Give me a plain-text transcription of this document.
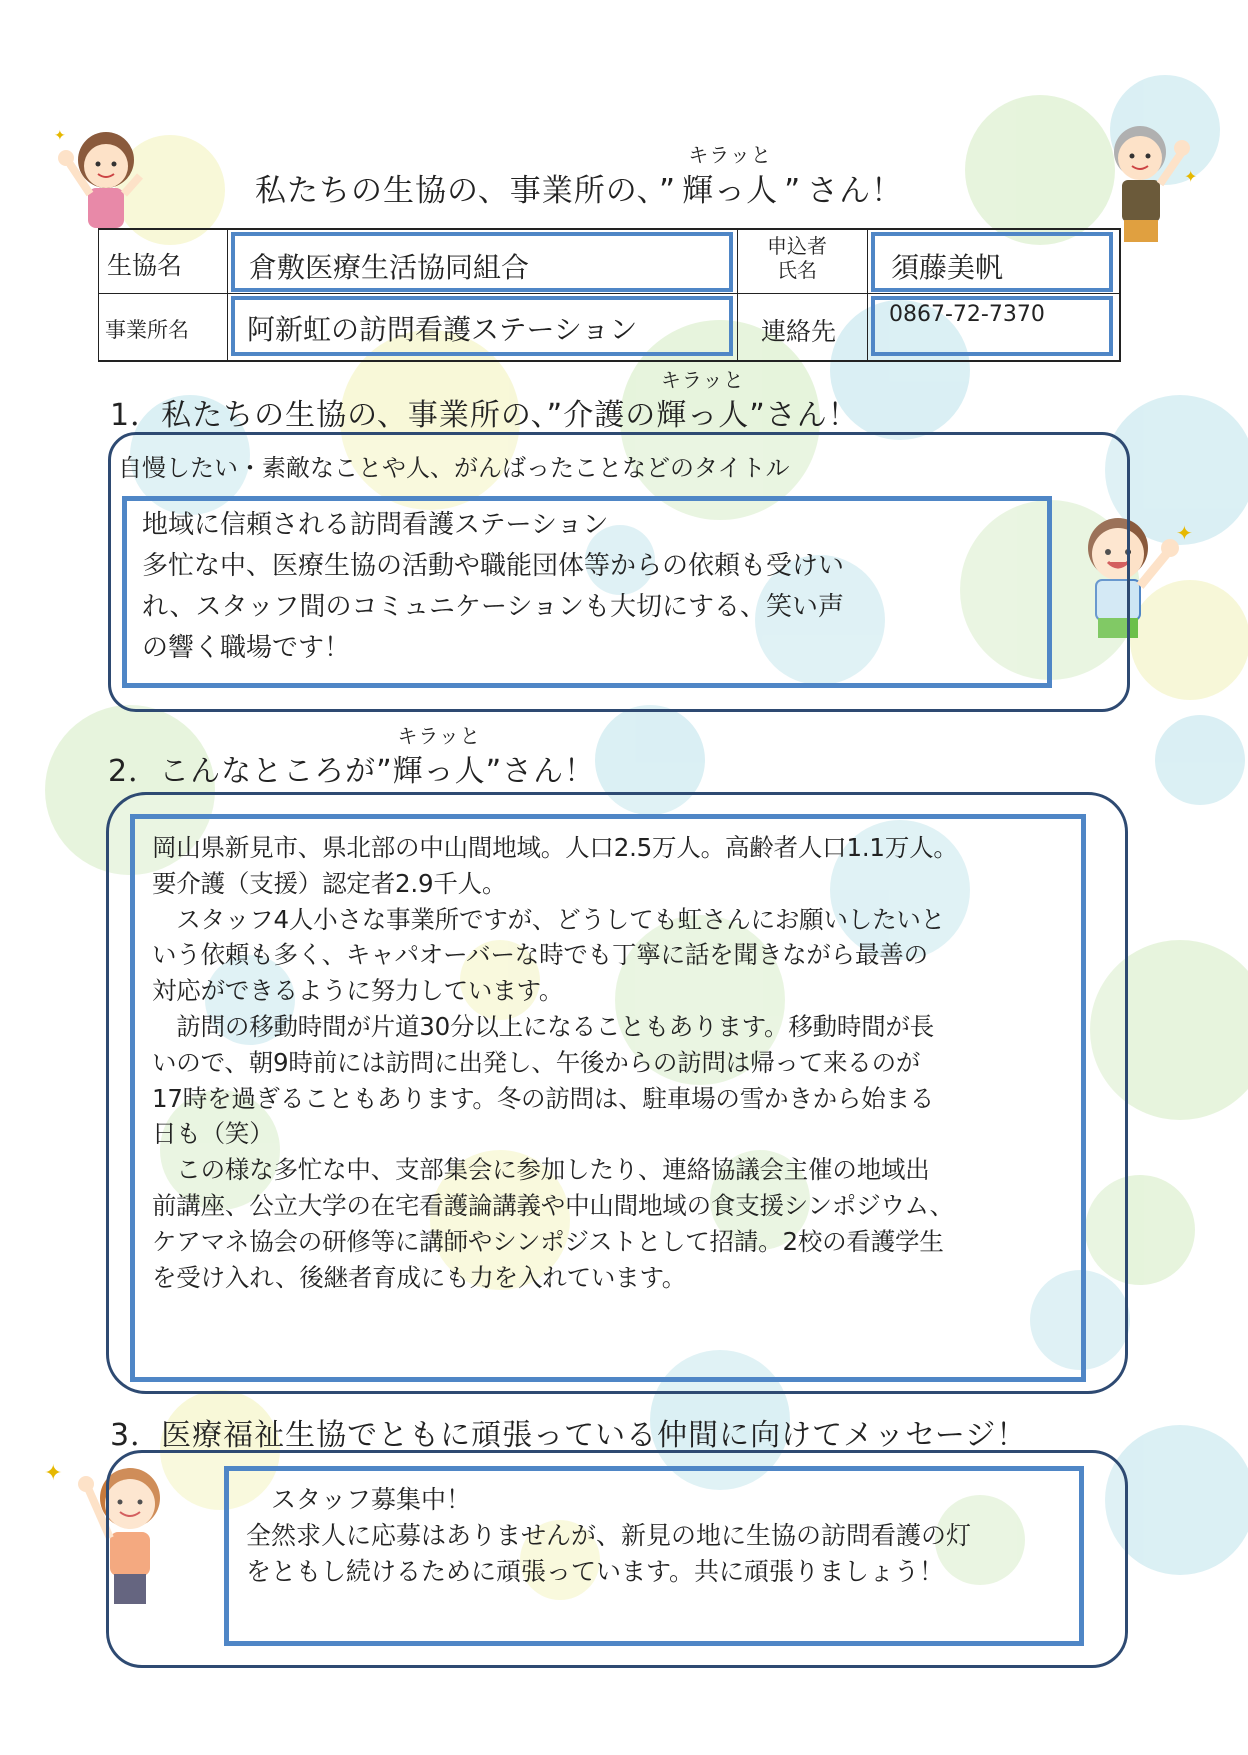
✦
✦
✦
✦
私たちの生協の、事業所の、 ”
キラッと
輝っ人 ” さん！
生協名 倉敷医療生活協同組合
事業所名 阿新虹の訪問看護ステーション
申込者
氏名	須藤美帆
連絡先
0867-72-7370
1．私たちの生協の、事業所の、”介護の
キラッと
輝っ人”さん！
自慢したい・素敵なことや人、がんばったことなどのタイトル
地域に信頼される訪問看護ステーション
多忙な中、医療生協の活動や職能団体等からの依頼も受けい
れ、スタッフ間のコミュニケーションも大切にする、笑い声
の響く職場です！
2．こんなところが”
キラッと
輝っ人”さん！
岡山県新見市、県北部の中山間地域。人口2.5万人。高齢者人口1.1万人。
要介護（支援）認定者2.9千人。
　スタッフ4人小さな事業所ですが、どうしても虹さんにお願いしたいと
いう依頼も多く、キャパオーバーな時でも丁寧に話を聞きながら最善の
対応ができるように努力しています。
　訪問の移動時間が片道30分以上になることもあります。移動時間が長
いので、朝9時前には訪問に出発し、午後からの訪問は帰って来るのが
17時を過ぎることもあります。冬の訪問は、駐車場の雪かきから始まる
日も（笑）
　この様な多忙な中、支部集会に参加したり、連絡協議会主催の地域出
前講座、公立大学の在宅看護論講義や中山間地域の食支援シンポジウム、
ケアマネ協会の研修等に講師やシンポジストとして招請。2校の看護学生
を受け入れ、後継者育成にも力を入れています。
3．医療福祉生協でともに頑張っている仲間に向けてメッセージ！
　スタッフ募集中！
全然求人に応募はありませんが、新見の地に生協の訪問看護の灯
をともし続けるために頑張っています。共に頑張りましょう！
